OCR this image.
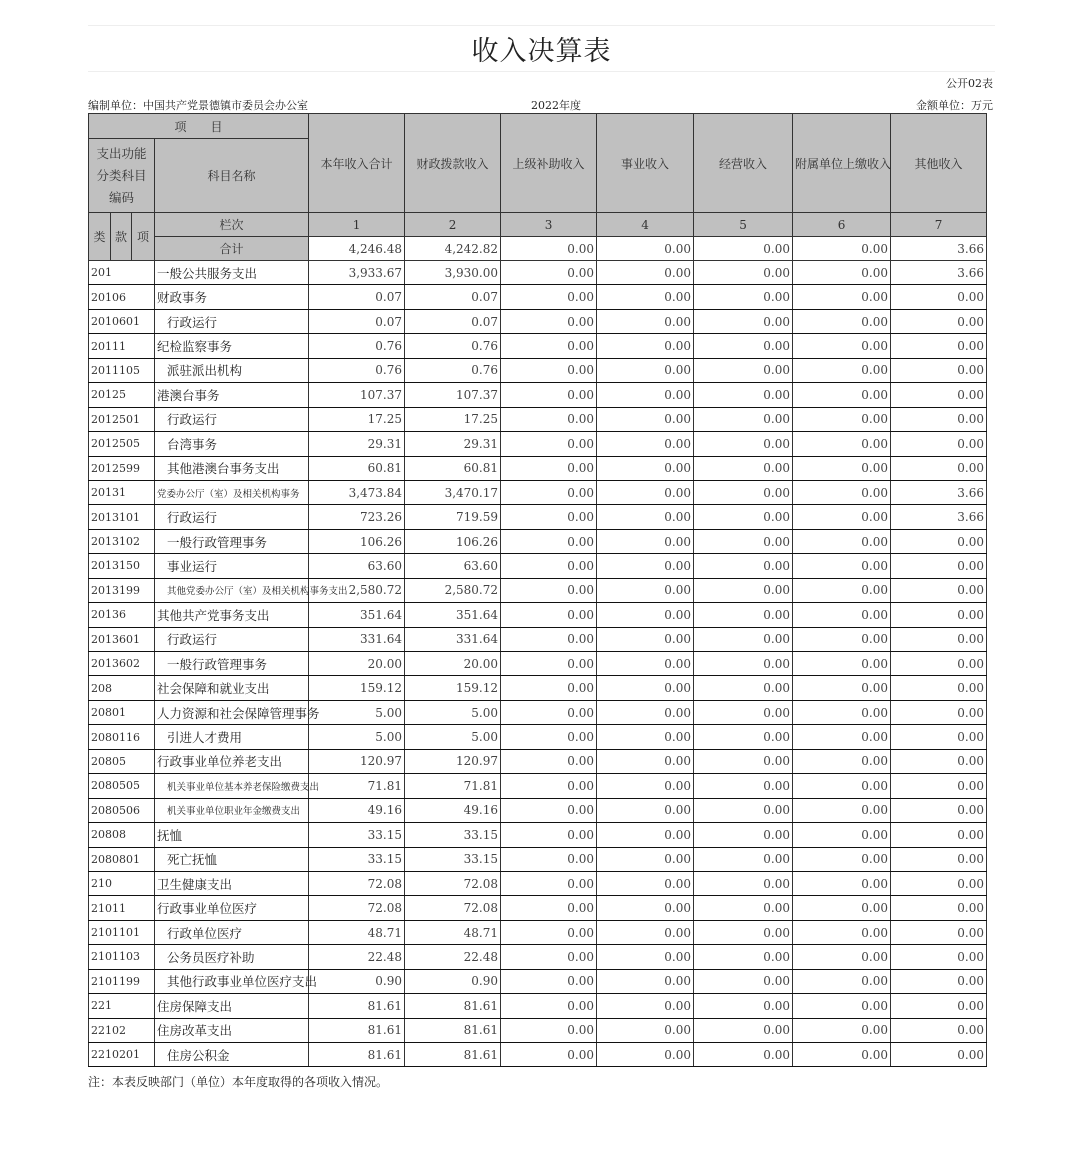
收入决算表
公开02表
编制单位：中国共产党景德镇市委员会办公室	2022年度	金额单位：万元
项　　目				本年收入合计	财政拨款收入	上级补助收入	事业收入	经营收入	附属单位上缴收入	其他收入
支出功能分类科目编码			科目名称							
类	款	项	栏次	1	2	3	4	5	6	7
			合计	4,246.48	4,242.82	0.00	0.00	0.00	0.00	3.66
201			一般公共服务支出	3,933.67	3,930.00	0.00	0.00	0.00	0.00	3.66
20106			财政事务	0.07	0.07	0.00	0.00	0.00	0.00	0.00
2010601			行政运行	0.07	0.07	0.00	0.00	0.00	0.00	0.00
20111			纪检监察事务	0.76	0.76	0.00	0.00	0.00	0.00	0.00
2011105			派驻派出机构	0.76	0.76	0.00	0.00	0.00	0.00	0.00
20125			港澳台事务	107.37	107.37	0.00	0.00	0.00	0.00	0.00
2012501			行政运行	17.25	17.25	0.00	0.00	0.00	0.00	0.00
2012505			台湾事务	29.31	29.31	0.00	0.00	0.00	0.00	0.00
2012599			其他港澳台事务支出	60.81	60.81	0.00	0.00	0.00	0.00	0.00
20131			党委办公厅（室）及相关机构事务	3,473.84	3,470.17	0.00	0.00	0.00	0.00	3.66
2013101			行政运行	723.26	719.59	0.00	0.00	0.00	0.00	3.66
2013102			一般行政管理事务	106.26	106.26	0.00	0.00	0.00	0.00	0.00
2013150			事业运行	63.60	63.60	0.00	0.00	0.00	0.00	0.00
2013199			其他党委办公厅（室）及相关机构事务支出	2,580.72	2,580.72	0.00	0.00	0.00	0.00	0.00
20136			其他共产党事务支出	351.64	351.64	0.00	0.00	0.00	0.00	0.00
2013601			行政运行	331.64	331.64	0.00	0.00	0.00	0.00	0.00
2013602			一般行政管理事务	20.00	20.00	0.00	0.00	0.00	0.00	0.00
208			社会保障和就业支出	159.12	159.12	0.00	0.00	0.00	0.00	0.00
20801			人力资源和社会保障管理事务	5.00	5.00	0.00	0.00	0.00	0.00	0.00
2080116			引进人才费用	5.00	5.00	0.00	0.00	0.00	0.00	0.00
20805			行政事业单位养老支出	120.97	120.97	0.00	0.00	0.00	0.00	0.00
2080505			机关事业单位基本养老保险缴费支出	71.81	71.81	0.00	0.00	0.00	0.00	0.00
2080506			机关事业单位职业年金缴费支出	49.16	49.16	0.00	0.00	0.00	0.00	0.00
20808			抚恤	33.15	33.15	0.00	0.00	0.00	0.00	0.00
2080801			死亡抚恤	33.15	33.15	0.00	0.00	0.00	0.00	0.00
210			卫生健康支出	72.08	72.08	0.00	0.00	0.00	0.00	0.00
21011			行政事业单位医疗	72.08	72.08	0.00	0.00	0.00	0.00	0.00
2101101			行政单位医疗	48.71	48.71	0.00	0.00	0.00	0.00	0.00
2101103			公务员医疗补助	22.48	22.48	0.00	0.00	0.00	0.00	0.00
2101199			其他行政事业单位医疗支出	0.90	0.90	0.00	0.00	0.00	0.00	0.00
221			住房保障支出	81.61	81.61	0.00	0.00	0.00	0.00	0.00
22102			住房改革支出	81.61	81.61	0.00	0.00	0.00	0.00	0.00
2210201			住房公积金	81.61	81.61	0.00	0.00	0.00	0.00	0.00
注：本表反映部门（单位）本年度取得的各项收入情况。
